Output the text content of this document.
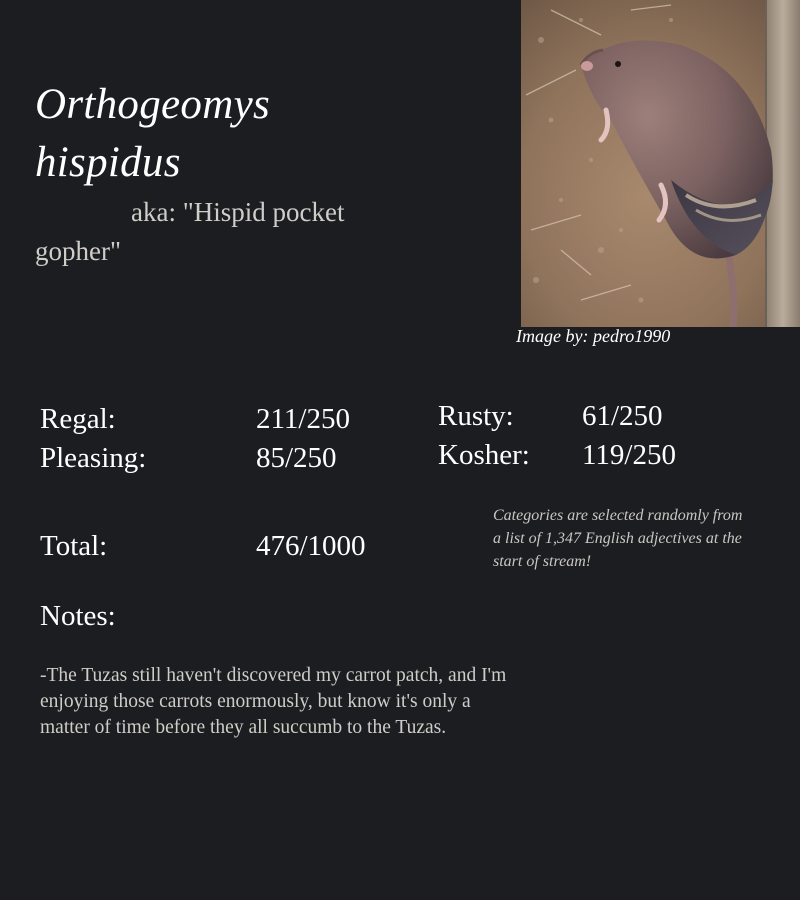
Orthogeomys
hispidus
aka: "Hispid pocket gopher"
Image by: pedro1990
Regal:	211/250
Pleasing:	85/250
Rusty: 61/250
Kosher: 119/250
Total:	476/1000
Categories are selected randomly from a list of 1,347 English adjectives at the start of stream!
Notes:
-The Tuzas still haven't discovered my carrot patch, and I'm enjoying those carrots enormously, but know it's only a matter of time before they all succumb to the Tuzas.
